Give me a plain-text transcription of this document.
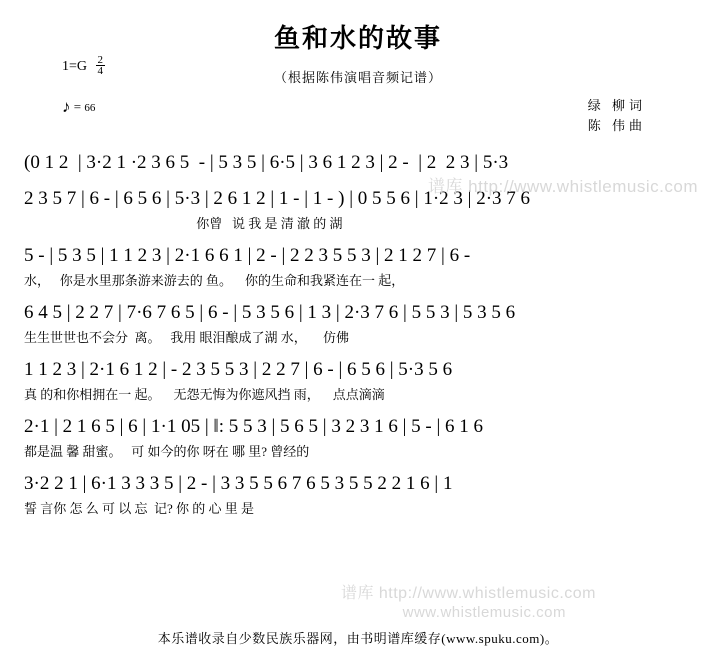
鱼和水的故事
（根据陈伟演唱音频记谱）
$1=G \frac{2}{4}$
♪ = 66	绿 柳词
陈 伟曲
(0 1 2  | 3·2 1 ·2 3 6 5  - | 5 3 5 | 6·5 | 3 6 1 2 3 | 2 -  | 2  2 3 | 5·3
2 3 5 7 | 6 - | 6 5 6 | 5·3 | 2 6 1 2 | 1 - | 1 - ) | 0 5 5 6 | 1·2 3 | 2·3 7 6
你曾   说 我 是 清 澈 的 湖
5 - | 5 3 5 | 1 1 2 3 | 2·1 6 6 1 | 2 - | 2 2 3 5 5 3 | 2 1 2 7 | 6 -
水，   你是水里那条游来游去的 鱼。    你的生命和我紧连在一 起，
6 4 5 | 2 2 7 | 7·6 7 6 5 | 6 - | 5 3 5 6 | 1 3 | 2·3 7 6 | 5 5 3 | 5 3 5 6
生生世世也不会分  离。   我用 眼泪酿成了湖 水，     仿佛
1 1 2 3 | 2·1 6 1 2 | - 2 3 5 5 3 | 2 2 7 | 6 - | 6 5 6 | 5·3 5 6
真 的和你相拥在一 起。    无怨无悔为你遮风挡 雨，    点点滴滴
2·1 | 2 1 6 5 | 6 | 1·1 05 | ‖: 5 5 3 | 5 6 5 | 3 2 3 1 6 | 5 - | 6 1 6
都是温 馨 甜蜜。   可 如今的你 呀在 哪 里? 曾经的
3·2 2 1 | 6·1 3 3 3 5 | 2 - | 3 3 5 5 6 7 6 5 3 5 5 2 2 1 6 | 1
誓 言你 怎 么 可 以 忘  记? 你 的 心 里 是
谱库 http://www.whistlemusic.com
谱库 http://www.whistlemusic.com
www.whistlemusic.com
本乐谱收录自少数民族乐器网，由书明谱库缓存(www.spuku.com)。
